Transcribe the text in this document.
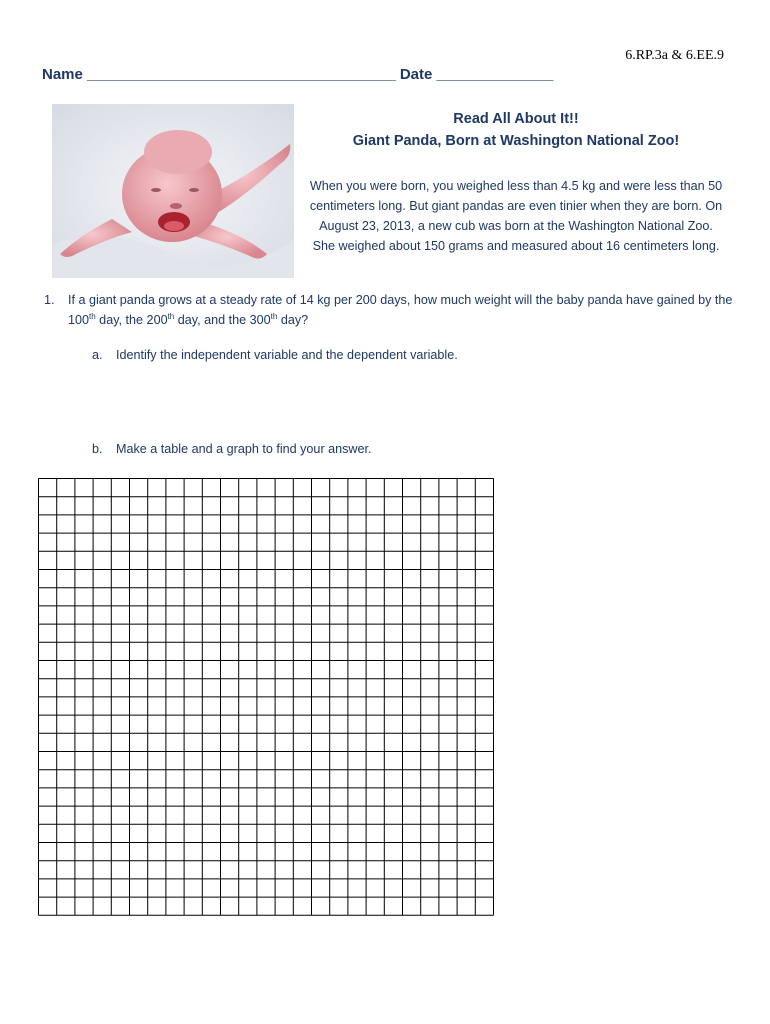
6.RP.3a & 6.EE.9
Name _____________________________________ Date ______________
Read All About It!!
Giant Panda, Born at Washington National Zoo!
When you were born, you weighed less than 4.5 kg and were less than 50 centimeters long. But giant pandas are even tinier when they are born. On August 23, 2013, a new cub was born at the Washington National Zoo. She weighed about 150 grams and measured about 16 centimeters long.
1. If a giant panda grows at a steady rate of 14 kg per 200 days, how much weight will the baby panda have gained by the 100th day, the 200th day, and the 300th day?
a. Identify the independent variable and the dependent variable.
b. Make a table and a graph to find your answer.
